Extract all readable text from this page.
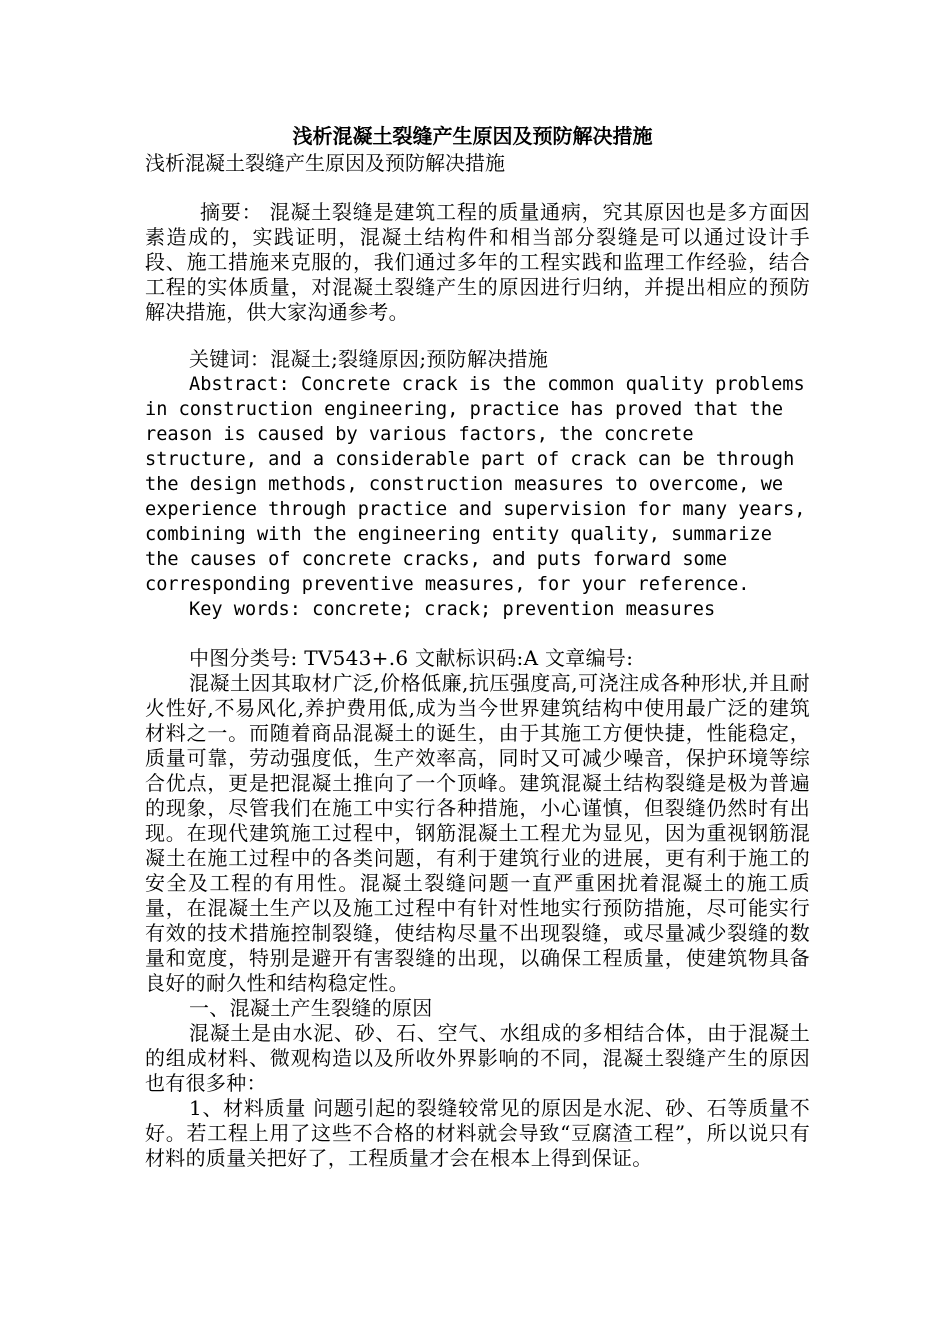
浅析混凝土裂缝产生原因及预防解决措施
浅析混凝土裂缝产生原因及预防解决措施
摘要： 混凝土裂缝是建筑工程的质量通病，究其原因也是多方面因素造成的，实践证明，混凝土结构件和相当部分裂缝是可以通过设计手段、施工措施来克服的，我们通过多年的工程实践和监理工作经验，结合工程的实体质量，对混凝土裂缝产生的原因进行归纳，并提出相应的预防解决措施，供大家沟通参考。
关键词：混凝土;裂缝原因;预防解决措施
Abstract: Concrete crack is the common quality problems in construction engineering, practice has proved that the reason is caused by various factors, the concrete structure, and a considerable part of crack can be through the design methods, construction measures to overcome, we experience through practice and supervision for many years, combining with the engineering entity quality, summarize the causes of concrete cracks, and puts forward some corresponding preventive measures, for your reference.
Key words: concrete; crack; prevention measures
中图分类号: TV543+.6 文献标识码:A 文章编号:
混凝土因其取材广泛,价格低廉,抗压强度高,可浇注成各种形状,并且耐火性好,不易风化,养护费用低,成为当今世界建筑结构中使用最广泛的建筑材料之一。而随着商品混凝土的诞生，由于其施工方便快捷，性能稳定，质量可靠，劳动强度低，生产效率高，同时又可减少噪音，保护环境等综合优点，更是把混凝土推向了一个顶峰。建筑混凝土结构裂缝是极为普遍的现象，尽管我们在施工中实行各种措施，小心谨慎，但裂缝仍然时有出现。在现代建筑施工过程中，钢筋混凝土工程尤为显见，因为重视钢筋混凝土在施工过程中的各类问题，有利于建筑行业的进展，更有利于施工的安全及工程的有用性。混凝土裂缝问题一直严重困扰着混凝土的施工质量，在混凝土生产以及施工过程中有针对性地实行预防措施，尽可能实行有效的技术措施控制裂缝，使结构尽量不出现裂缝，或尽量减少裂缝的数量和宽度，特别是避开有害裂缝的出现，以确保工程质量，使建筑物具备良好的耐久性和结构稳定性。
一、混凝土产生裂缝的原因
混凝土是由水泥、砂、石、空气、水组成的多相结合体，由于混凝土的组成材料、微观构造以及所收外界影响的不同，混凝土裂缝产生的原因也有很多种：
1、材料质量 问题引起的裂缝较常见的原因是水泥、砂、石等质量不好。若工程上用了这些不合格的材料就会导致“豆腐渣工程”，所以说只有材料的质量关把好了，工程质量才会在根本上得到保证。
